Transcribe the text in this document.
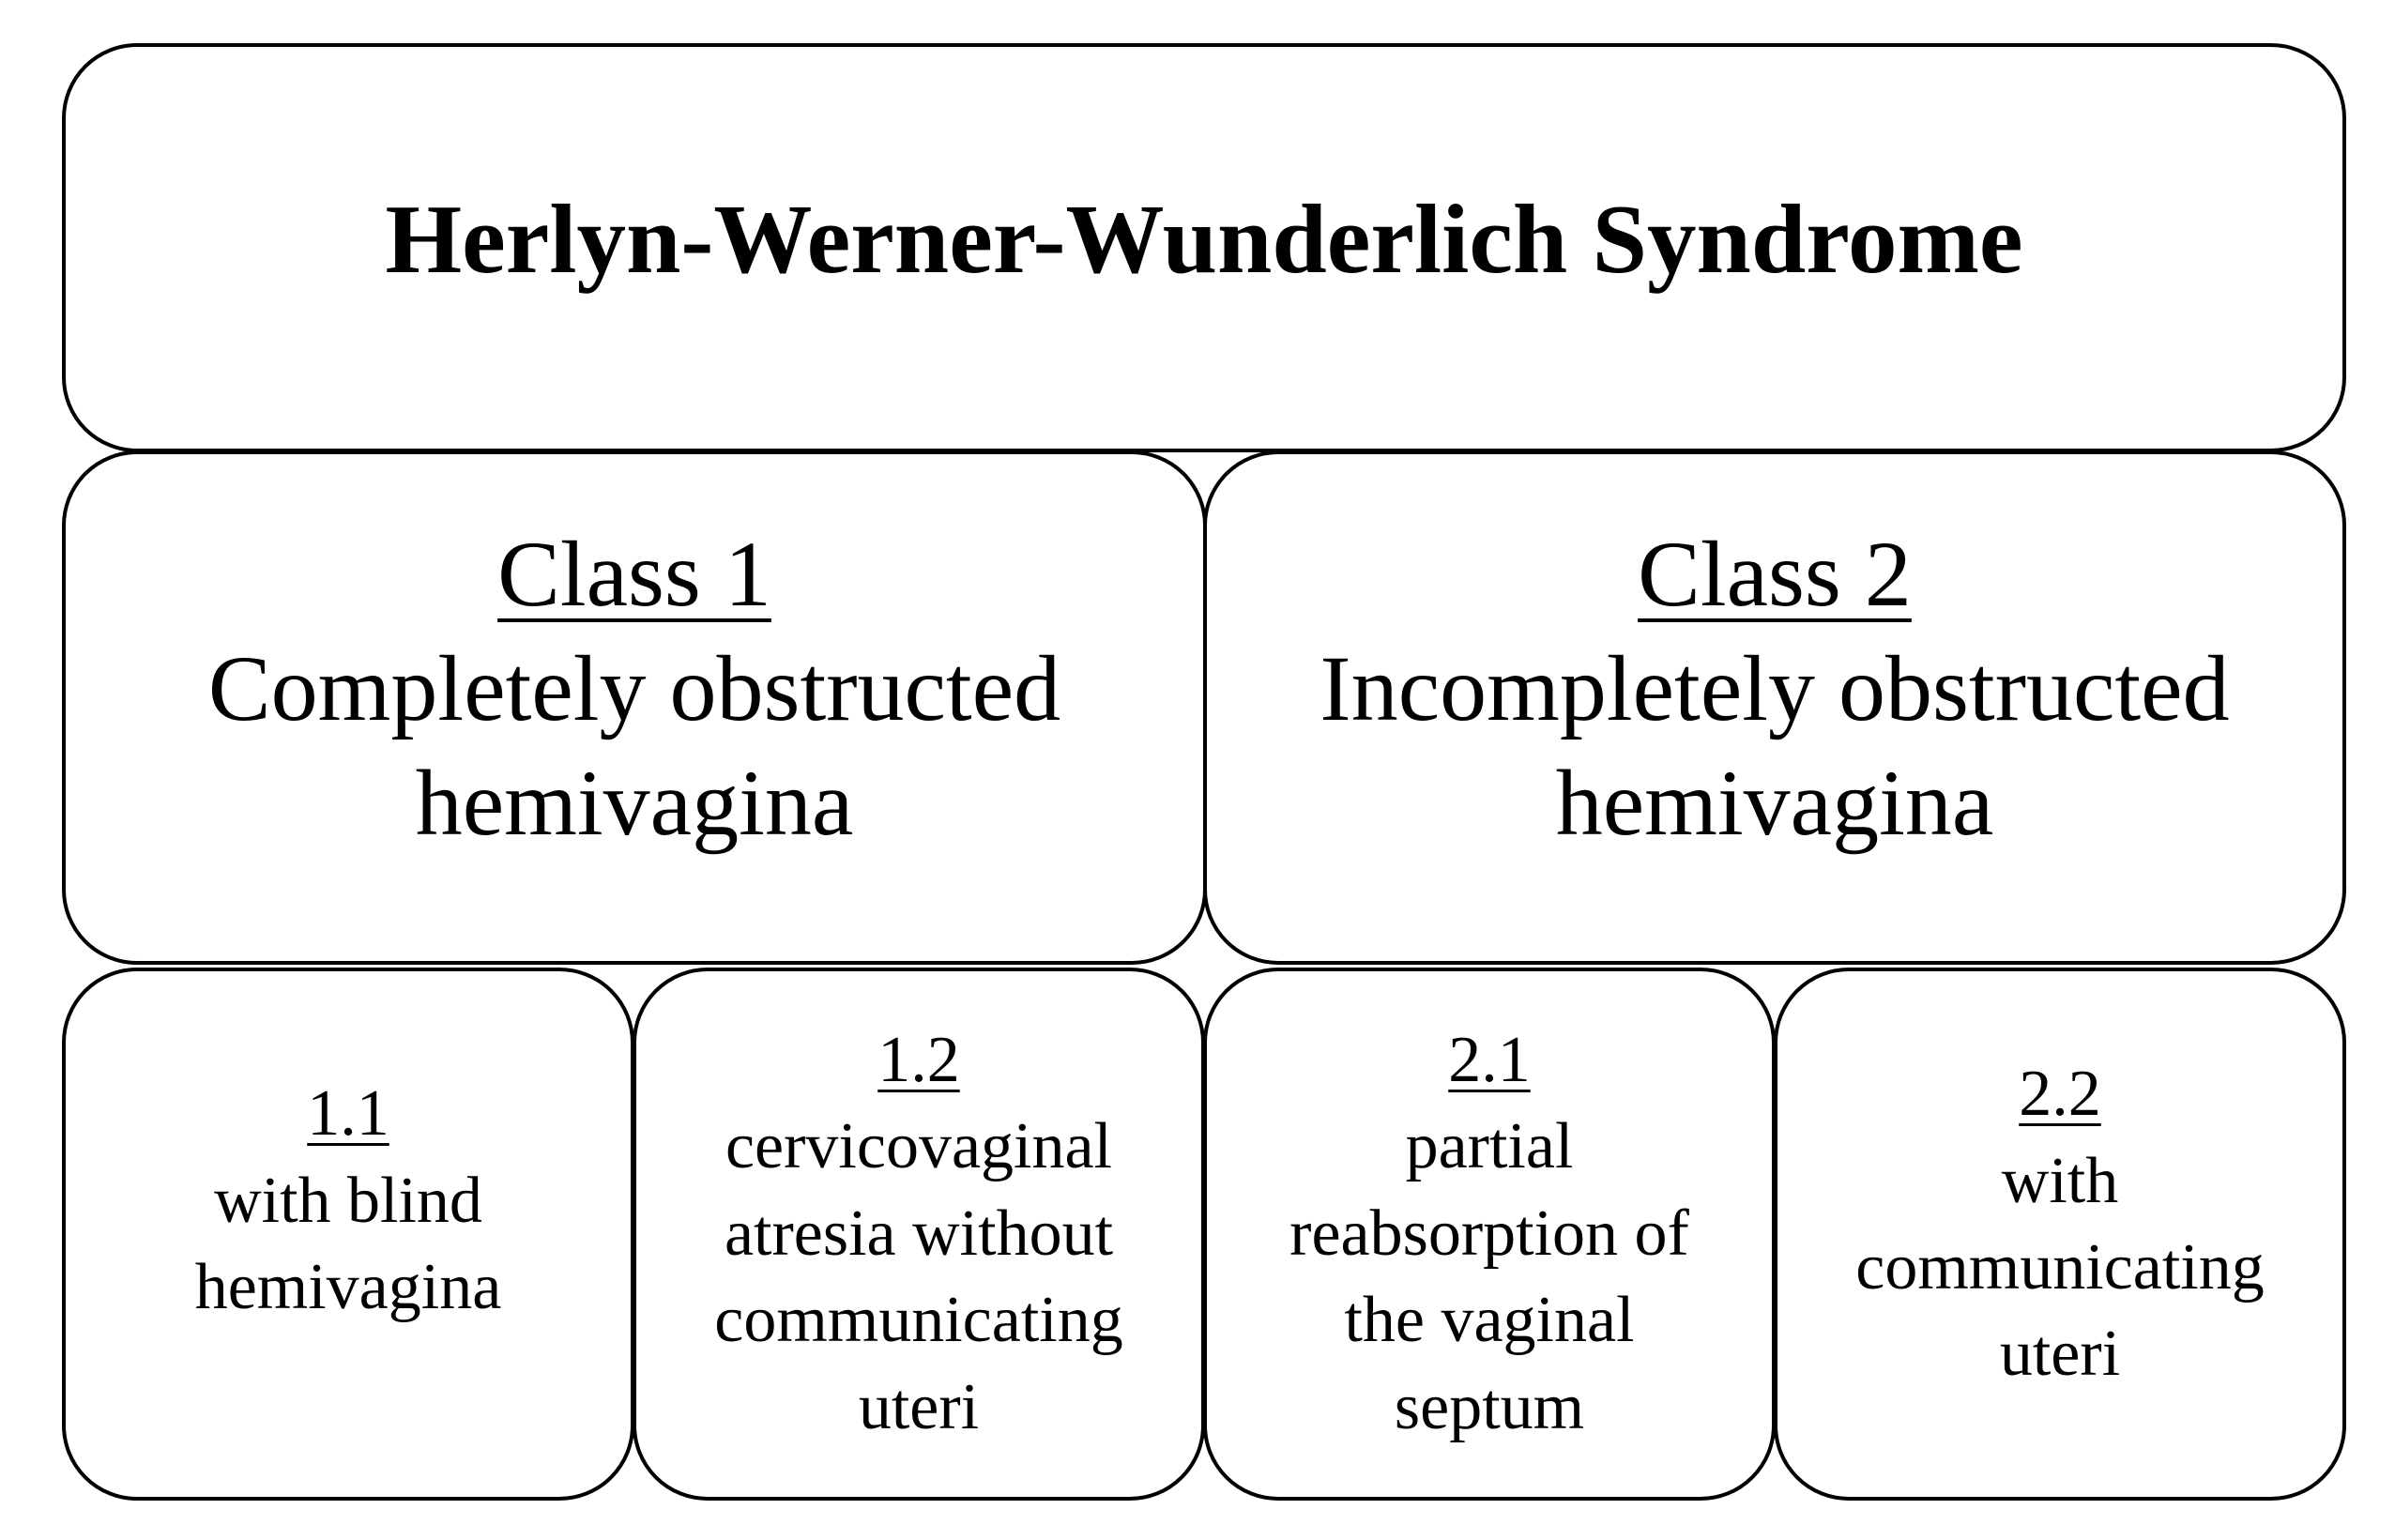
Herlyn-Werner-Wunderlich Syndrome
Class 1
Completely obstructed hemivagina
Class 2
Incompletely obstructed hemivagina
1.1
with blind hemivagina
1.2
cervicovaginal atresia without communicating uteri
2.1
partial reabsorption of the vaginal septum
2.2
with communicating uteri
